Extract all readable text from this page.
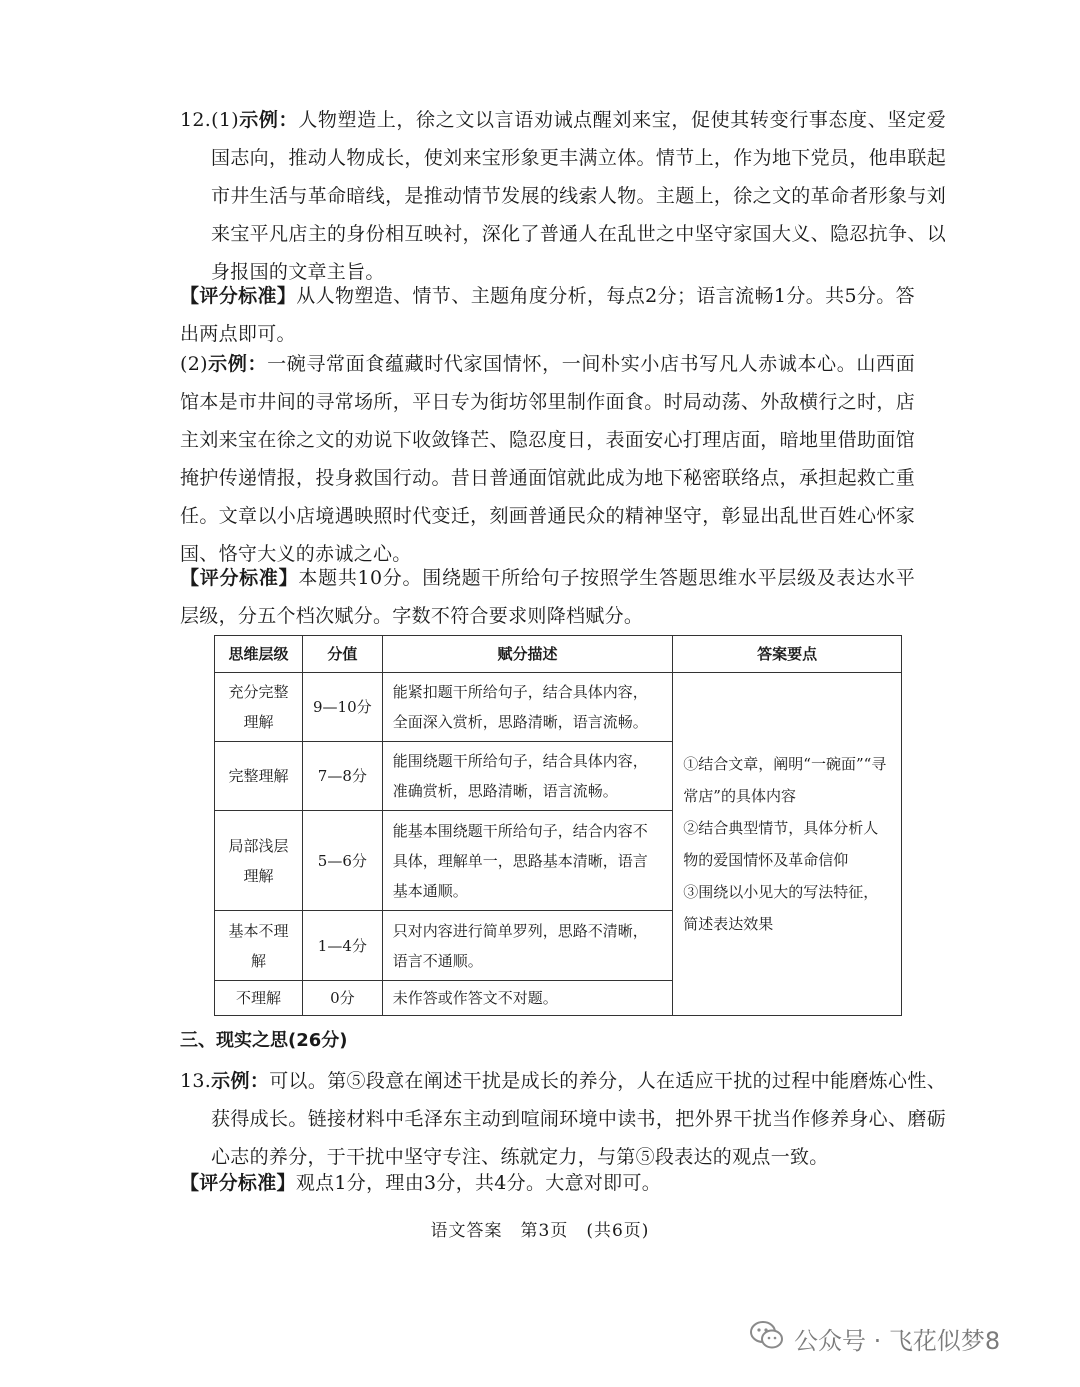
12.(1)示例：人物塑造上，徐之文以言语劝诫点醒刘来宝，促使其转变行事态度、坚定爱国志向，推动人物成长，使刘来宝形象更丰满立体。情节上，作为地下党员，他串联起市井生活与革命暗线，是推动情节发展的线索人物。主题上，徐之文的革命者形象与刘来宝平凡店主的身份相互映衬，深化了普通人在乱世之中坚守家国大义、隐忍抗争、以身报国的文章主旨。
【评分标准】从人物塑造、情节、主题角度分析，每点2分；语言流畅1分。共5分。答出两点即可。
(2)示例：一碗寻常面食蕴藏时代家国情怀，一间朴实小店书写凡人赤诚本心。山西面馆本是市井间的寻常场所，平日专为街坊邻里制作面食。时局动荡、外敌横行之时，店主刘来宝在徐之文的劝说下收敛锋芒、隐忍度日，表面安心打理店面，暗地里借助面馆掩护传递情报，投身救国行动。昔日普通面馆就此成为地下秘密联络点，承担起救亡重任。文章以小店境遇映照时代变迁，刻画普通民众的精神坚守，彰显出乱世百姓心怀家国、恪守大义的赤诚之心。
【评分标准】本题共10分。围绕题干所给句子按照学生答题思维水平层级及表达水平层级，分五个档次赋分。字数不符合要求则降档赋分。
思维层级	分值	赋分描述	答案要点
充分完整理解	9—10分	能紧扣题干所给句子，结合具体内容，全面深入赏析，思路清晰，语言流畅。	①结合文章，阐明“一碗面”“寻常店”的具体内容
②结合典型情节，具体分析人物的爱国情怀及革命信仰
③围绕以小见大的写法特征，简述表达效果

完整理解	7—8分	能围绕题干所给句子，结合具体内容，准确赏析，思路清晰，语言流畅。	
局部浅层理解	5—6分	能基本围绕题干所给句子，结合内容不具体，理解单一，思路基本清晰，语言基本通顺。	
基本不理解	1—4分	只对内容进行简单罗列，思路不清晰，语言不通顺。	
不理解	0分	未作答或作答文不对题。	
三、现实之思(26分)
13.示例：可以。第⑤段意在阐述干扰是成长的养分，人在适应干扰的过程中能磨炼心性、获得成长。链接材料中毛泽东主动到喧闹环境中读书，把外界干扰当作修养身心、磨砺心志的养分，于干扰中坚守专注、练就定力，与第⑤段表达的观点一致。
【评分标准】观点1分，理由3分，共4分。大意对即可。
语文答案　第3页　(共6页)
公众号 · 飞花似梦8
